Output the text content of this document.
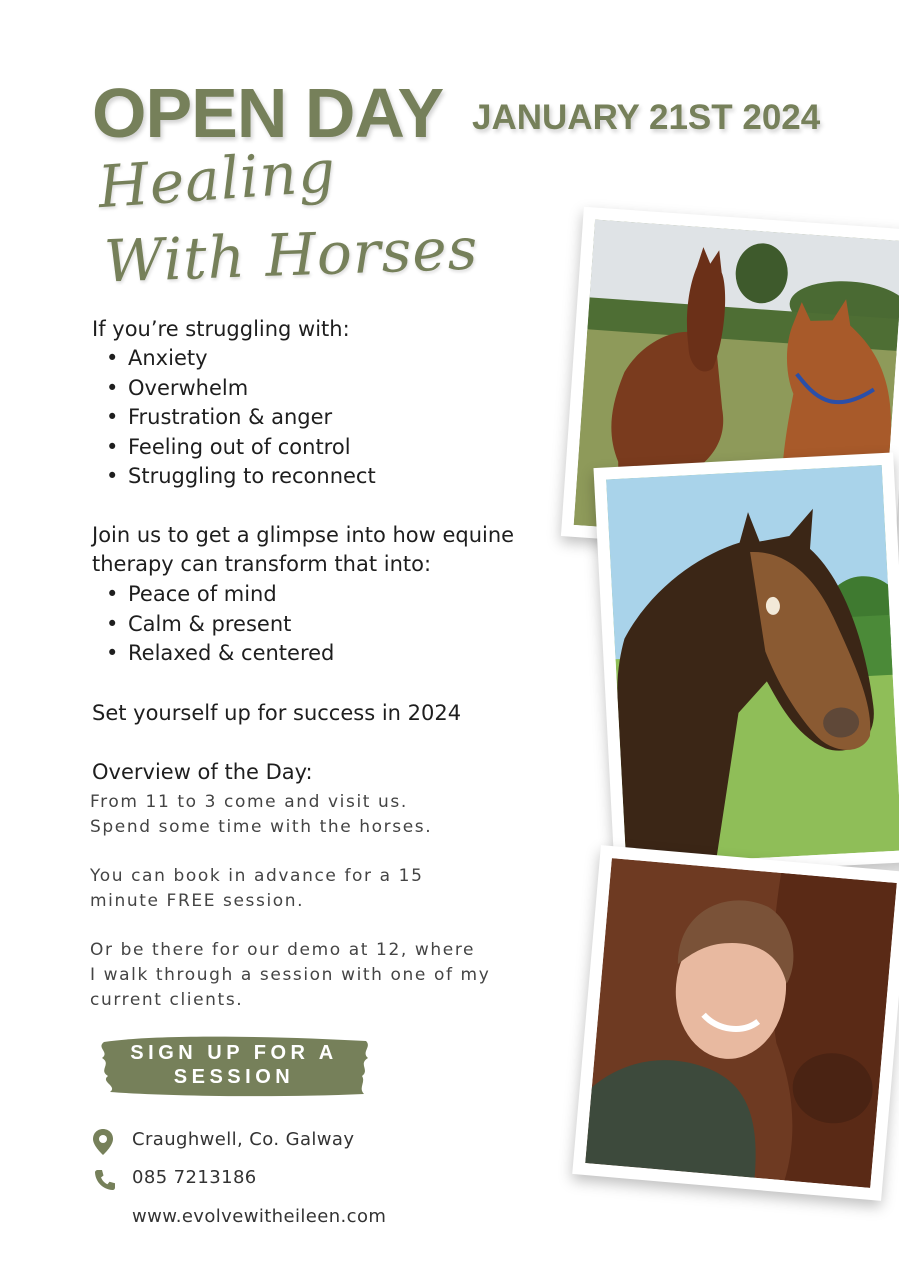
OPEN DAY JANUARY 21ST 2024
Healing
With Horses
If you’re struggling with:
• Anxiety
• Overwhelm
• Frustration & anger
• Feeling out of control
• Struggling to reconnect
Join us to get a glimpse into how equine
therapy can transform that into:
• Peace of mind
• Calm & present
• Relaxed & centered
Set yourself up for success in 2024
Overview of the Day:
From 11 to 3 come and visit us.
Spend some time with the horses.
You can book in advance for a 15
minute FREE session.
Or be there for our demo at 12, where
I walk through a session with one of my
current clients.
SIGN UP FOR A
SESSION
Craughwell, Co. Galway
085 7213186
www.evolvewitheileen.com
